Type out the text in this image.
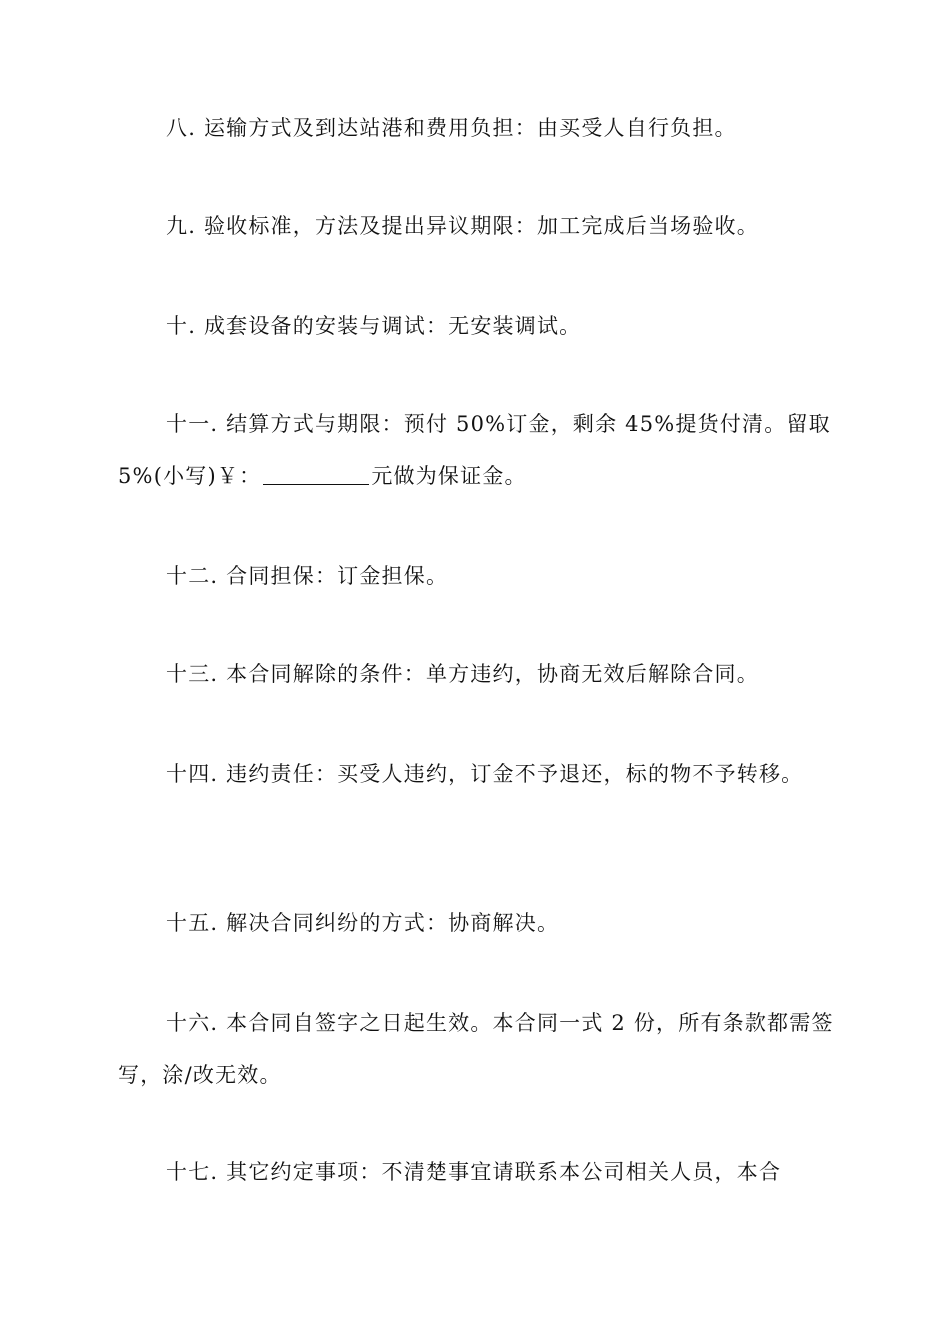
八. 运输方式及到达站港和费用负担：由买受人自行负担。

九. 验收标准，方法及提出异议期限：加工完成后当场验收。

十. 成套设备的安装与调试：无安装调试。

十一. 结算方式与期限：预付 50%订金，剩余 45%提货付清。留取 5%(小写)￥：	元做为保证金。

十二. 合同担保：订金担保。

十三. 本合同解除的条件：单方违约，协商无效后解除合同。

十四. 违约责任：买受人违约，订金不予退还，标的物不予转移。

十五. 解决合同纠纷的方式：协商解决。

十六. 本合同自签字之日起生效。本合同一式 2 份，所有条款都需签写，涂/改无效。

十七. 其它约定事项：不清楚事宜请联系本公司相关人员，本合
